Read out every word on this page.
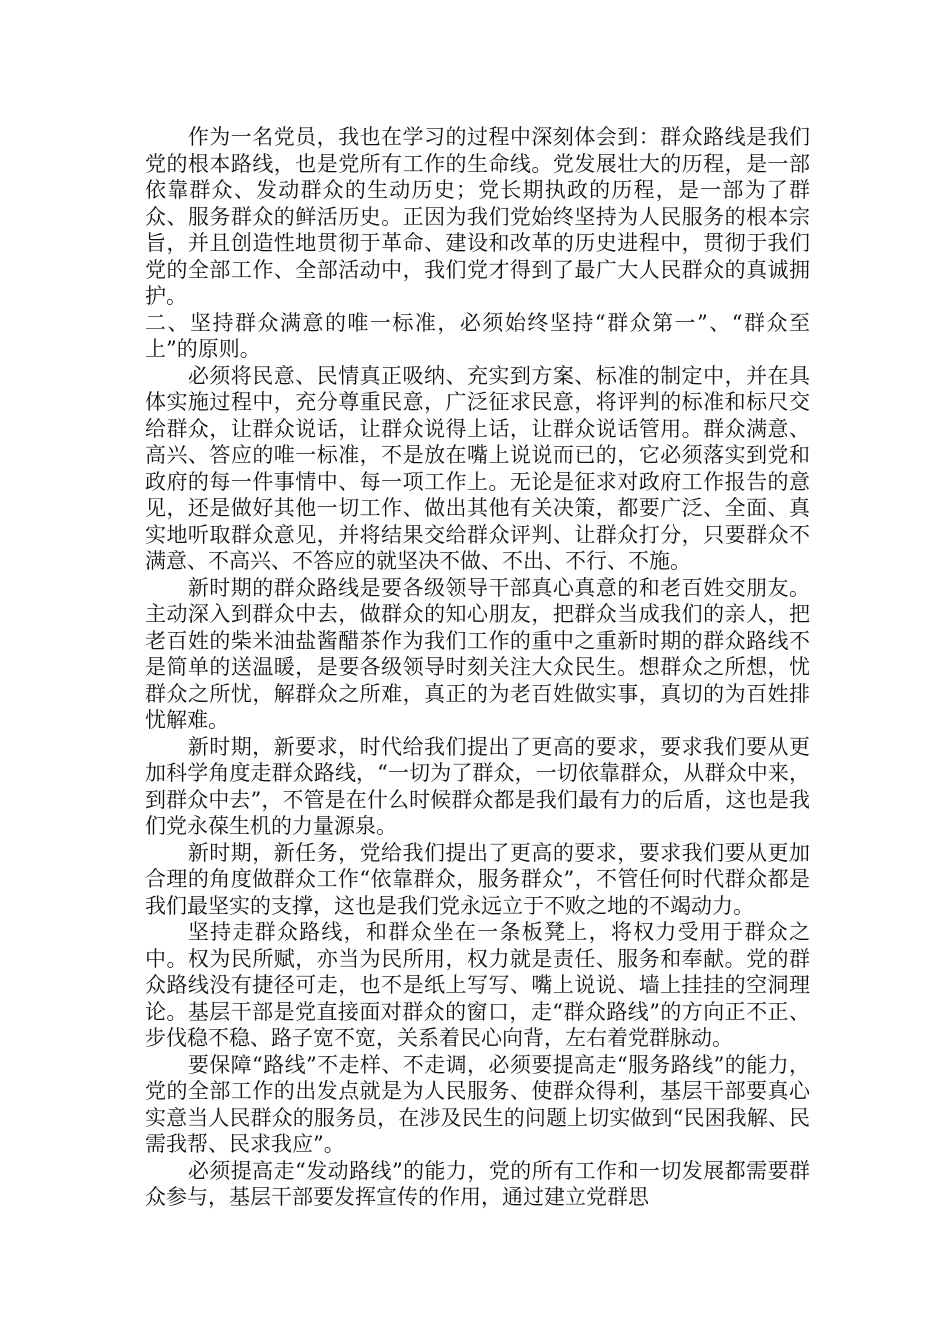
作为一名党员，我也在学习的过程中深刻体会到：群众路线是我们党的根本路线，也是党所有工作的生命线。党发展壮大的历程，是一部依靠群众、发动群众的生动历史；党长期执政的历程，是一部为了群众、服务群众的鲜活历史。正因为我们党始终坚持为人民服务的根本宗旨，并且创造性地贯彻于革命、建设和改革的历史进程中，贯彻于我们党的全部工作、全部活动中，我们党才得到了最广大人民群众的真诚拥护。

二、坚持群众满意的唯一标准，必须始终坚持“群众第一”、“群众至上”的原则。

必须将民意、民情真正吸纳、充实到方案、标准的制定中，并在具体实施过程中，充分尊重民意，广泛征求民意，将评判的标准和标尺交给群众，让群众说话，让群众说得上话，让群众说话管用。群众满意、高兴、答应的唯一标准，不是放在嘴上说说而已的，它必须落实到党和政府的每一件事情中、每一项工作上。无论是征求对政府工作报告的意见，还是做好其他一切工作、做出其他有关决策，都要广泛、全面、真实地听取群众意见，并将结果交给群众评判、让群众打分，只要群众不满意、不高兴、不答应的就坚决不做、不出、不行、不施。

新时期的群众路线是要各级领导干部真心真意的和老百姓交朋友。主动深入到群众中去，做群众的知心朋友，把群众当成我们的亲人，把老百姓的柴米油盐酱醋茶作为我们工作的重中之重新时期的群众路线不是简单的送温暖，是要各级领导时刻关注大众民生。想群众之所想，忧群众之所忧，解群众之所难，真正的为老百姓做实事，真切的为百姓排忧解难。

新时期，新要求，时代给我们提出了更高的要求，要求我们要从更加科学角度走群众路线，“一切为了群众，一切依靠群众，从群众中来，到群众中去”，不管是在什么时候群众都是我们最有力的后盾，这也是我们党永葆生机的力量源泉。

新时期，新任务，党给我们提出了更高的要求，要求我们要从更加合理的角度做群众工作“依靠群众，服务群众”，不管任何时代群众都是我们最坚实的支撑，这也是我们党永远立于不败之地的不竭动力。

坚持走群众路线，和群众坐在一条板凳上，将权力受用于群众之中。权为民所赋，亦当为民所用，权力就是责任、服务和奉献。党的群众路线没有捷径可走，也不是纸上写写、嘴上说说、墙上挂挂的空洞理论。基层干部是党直接面对群众的窗口，走“群众路线”的方向正不正、步伐稳不稳、路子宽不宽，关系着民心向背，左右着党群脉动。

要保障“路线”不走样、不走调，必须要提高走“服务路线”的能力，党的全部工作的出发点就是为人民服务、使群众得利，基层干部要真心实意当人民群众的服务员，在涉及民生的问题上切实做到“民困我解、民需我帮、民求我应”。

必须提高走“发动路线”的能力，党的所有工作和一切发展都需要群众参与，基层干部要发挥宣传的作用，通过建立党群思
